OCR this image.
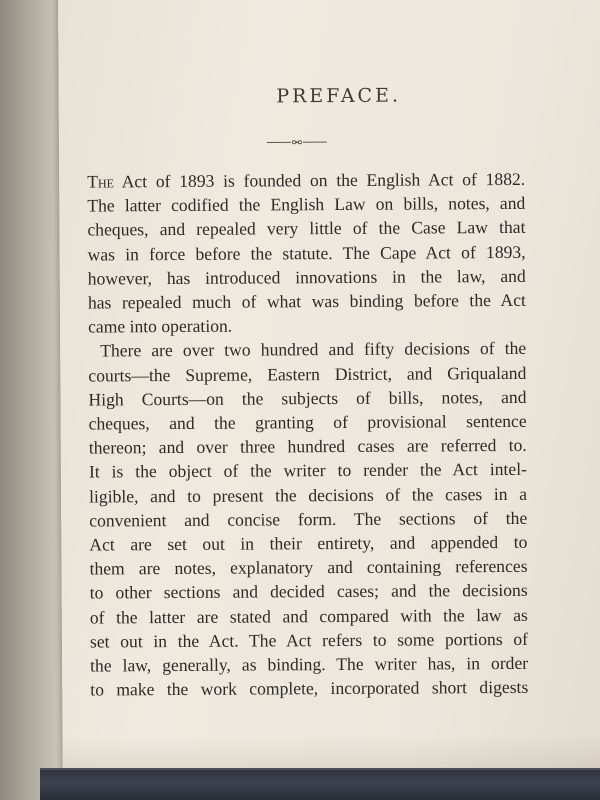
PREFACE.
The Act of 1893 is founded on the English Act of 1882.
The latter codified the English Law on bills, notes, and
cheques, and repealed very little of the Case Law that
was in force before the statute. The Cape Act of 1893,
however, has introduced innovations in the law, and
has repealed much of what was binding before the Act
came into operation.
There are over two hundred and fifty decisions of the
courts—the Supreme, Eastern District, and Griqualand
High Courts—on the subjects of bills, notes, and
cheques, and the granting of provisional sentence
thereon; and over three hundred cases are referred to.
It is the object of the writer to render the Act intel-
ligible, and to present the decisions of the cases in a
convenient and concise form. The sections of the
Act are set out in their entirety, and appended to
them are notes, explanatory and containing references
to other sections and decided cases; and the decisions
of the latter are stated and compared with the law as
set out in the Act. The Act refers to some portions of
the law, generally, as binding. The writer has, in order
to make the work complete, incorporated short digests
